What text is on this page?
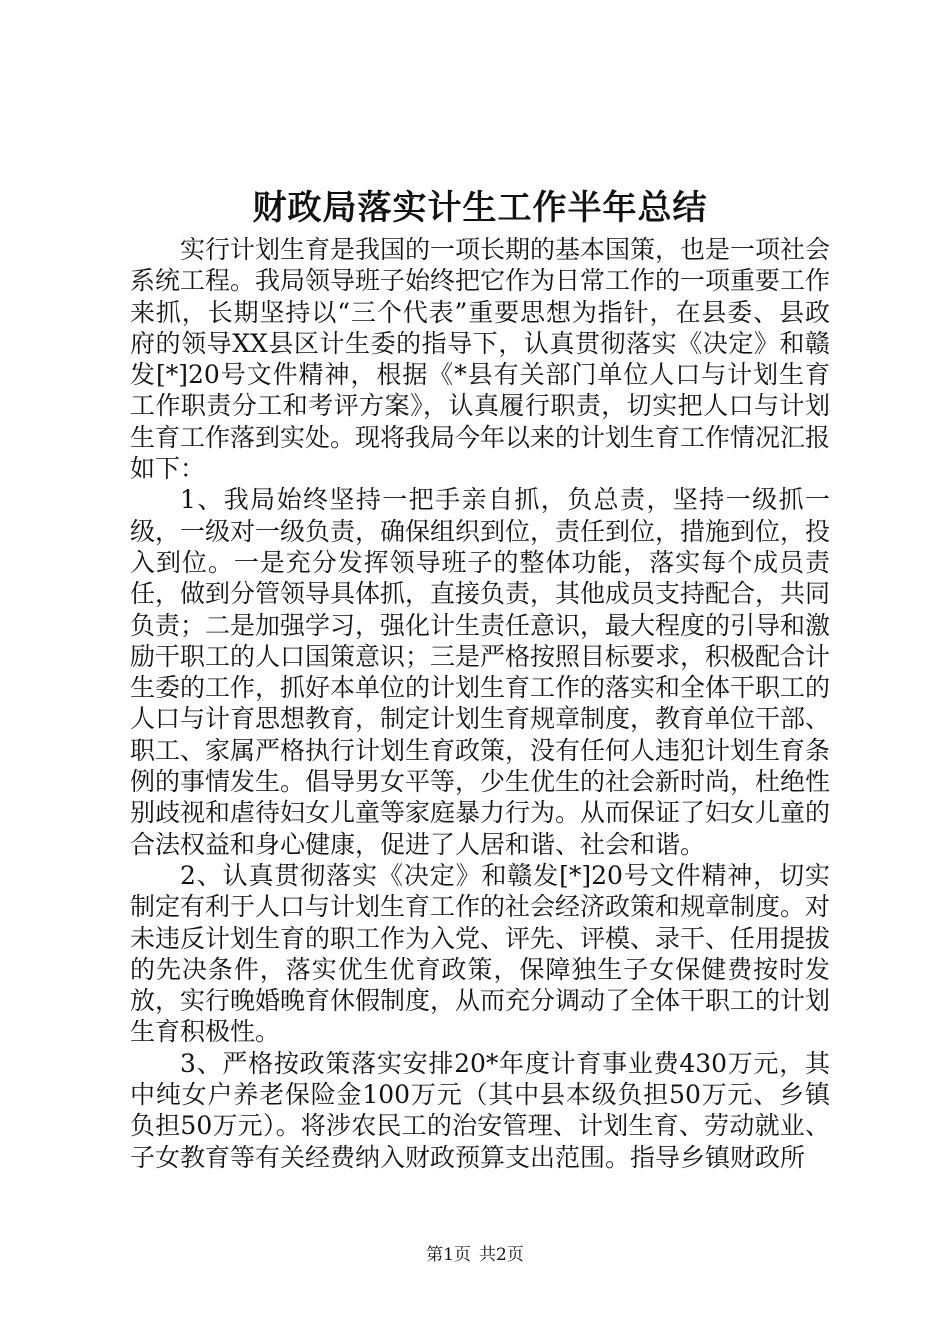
财政局落实计生工作半年总结

实行计划生育是我国的一项长期的基本国策，也是一项社会系统工程。我局领导班子始终把它作为日常工作的一项重要工作来抓，长期坚持以“三个代表”重要思想为指针，在县委、县政府的领导XX县区计生委的指导下，认真贯彻落实《决定》和赣发[*]20号文件精神，根据《*县有关部门单位人口与计划生育工作职责分工和考评方案》，认真履行职责，切实把人口与计划生育工作落到实处。现将我局今年以来的计划生育工作情况汇报如下：

1、我局始终坚持一把手亲自抓，负总责，坚持一级抓一级，一级对一级负责，确保组织到位，责任到位，措施到位，投入到位。一是充分发挥领导班子的整体功能，落实每个成员责任，做到分管领导具体抓，直接负责，其他成员支持配合，共同负责；二是加强学习，强化计生责任意识，最大程度的引导和激励干职工的人口国策意识；三是严格按照目标要求，积极配合计生委的工作，抓好本单位的计划生育工作的落实和全体干职工的人口与计育思想教育，制定计划生育规章制度，教育单位干部、职工、家属严格执行计划生育政策，没有任何人违犯计划生育条例的事情发生。倡导男女平等，少生优生的社会新时尚，杜绝性别歧视和虐待妇女儿童等家庭暴力行为。从而保证了妇女儿童的合法权益和身心健康，促进了人居和谐、社会和谐。

2、认真贯彻落实《决定》和赣发[*]20号文件精神，切实制定有利于人口与计划生育工作的社会经济政策和规章制度。对未违反计划生育的职工作为入党、评先、评模、录干、任用提拔的先决条件，落实优生优育政策，保障独生子女保健费按时发放，实行晚婚晚育休假制度，从而充分调动了全体干职工的计划生育积极性。

3、严格按政策落实安排20*年度计育事业费430万元，其中纯女户养老保险金100万元（其中县本级负担50万元、乡镇负担50万元）。将涉农民工的治安管理、计划生育、劳动就业、子女教育等有关经费纳入财政预算支出范围。指导乡镇财政所

第1页 共2页
